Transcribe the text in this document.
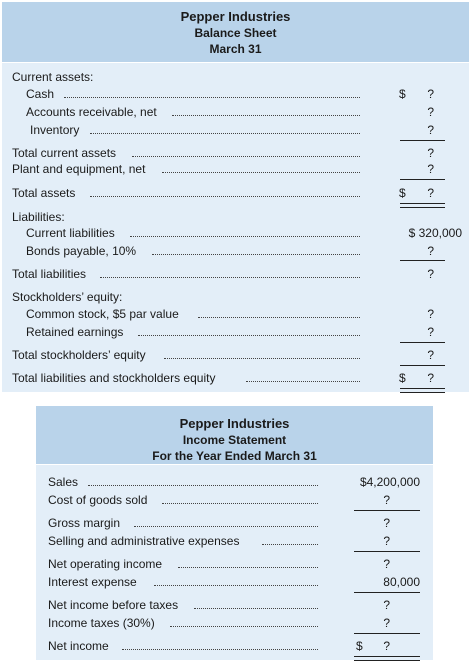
Pepper Industries
Balance Sheet
March 31
Current assets:
Cash	$	?
Accounts receivable, net	?
Inventory	?
Total current assets	?
Plant and equipment, net	?
Total assets	$	?
Liabilities:
Current liabilities	$ 320,000
Bonds payable, 10%	?
Total liabilities	?
Stockholders’ equity:
Common stock, $5 par value	?
Retained earnings	?
Total stockholders’ equity	?
Total liabilities and stockholders equity	$	?
Pepper Industries
Income Statement
For the Year Ended March 31
Sales	$4,200,000
Cost of goods sold	?
Gross margin	?
Selling and administrative expenses	?
Net operating income	?
Interest expense	80,000
Net income before taxes	?
Income taxes (30%)	?
Net income	$	?
